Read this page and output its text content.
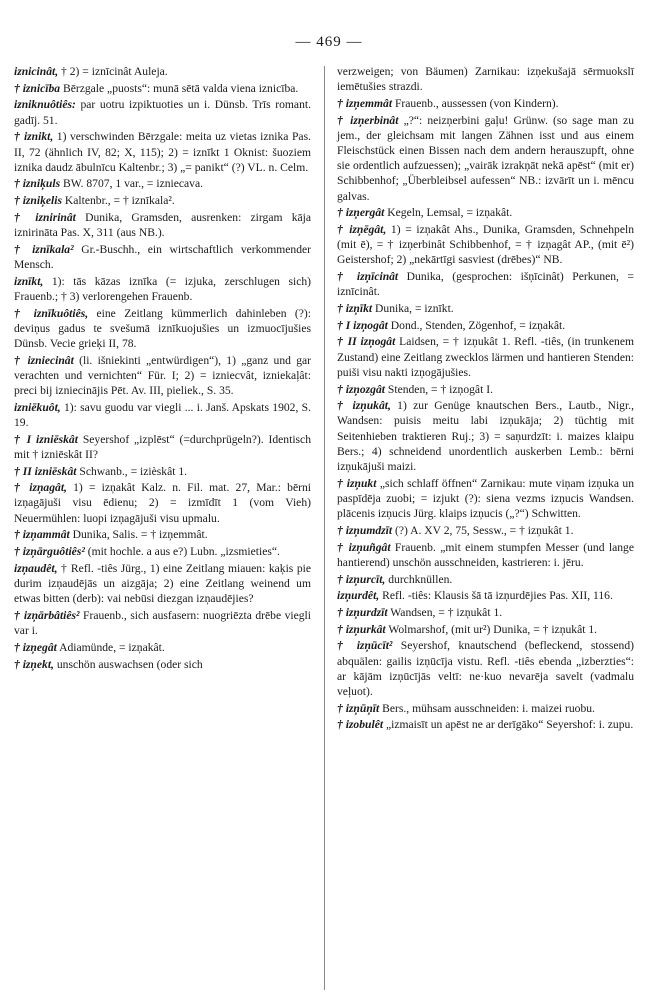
— 469 —

iznicinât, † 2) = iznīcinât Auleja.

† iznicība Bērzgale „puosts“: munā sētā valda viena iznicība.

izniknuôtiês: par uotru izpiktuoties un i. Dünsb. Trīs romant. gadīj. 51.

† iznikt, 1) verschwinden Bērzgale: meita uz vietas iznika Pas. II, 72 (ähnlich IV, 82; X, 115); 2) = iznīkt 1 Oknist: šuoziem iznika daudz ābulnīcu Kaltenbr.; 3) „= panikt“ (?) VL. n. Celm.

† izniķuls BW. 8707, 1 var., = izniecava.

† izniķelis Kaltenbr., = † iznīkala².

† iznirinât Dunika, Gramsden, ausrenken: zirgam kāja iznirināta Pas. X, 311 (aus NB.).

† iznīkala² Gr.-Buschh., ein wirtschaftlich verkommender Mensch.

iznīkt, 1): tās kāzas iznīka (= izjuka, zerschlugen sich) Frauenb.; † 3) verlorengehen Frauenb.

† iznīkuôtiês, eine Zeitlang kümmerlich dahinleben (?): deviņus gadus te svešumā iznīkuojušies un izmuocījušies Dünsb. Vecie grieķi II, 78.

† izniecinât (li. išniekinti „entwürdigen“), 1) „ganz und gar verachten und vernichten“ Für. I; 2) = izniecvât, izniekaļât: preci bij izniecinājis Pēt. Av. III, pieliek., S. 35.

izniēkuôt, 1): savu guodu var viegli ... i. Janš. Apskats 1902, S. 19.

† I izniēskât Seyershof „izplēst“ (=durchprügeln?). Identisch mit † izniēskât II?

† II izniēskât Schwanb., = izièskât 1.

† izņagât, 1) = izņakât Kalz. n. Fil. mat. 27, Mar.: bērni izņagājuši visu ēdienu; 2) = izmīdīt 1 (vom Vieh) Neuermühlen: luopi izņagājuši visu upmalu.

† izņammât Dunika, Salis. = † izņemmât.

† izņārguôtiês² (mit hochle. a aus e?) Lubn. „izsmieties“.

izņaudêt, † Refl. -tiês Jürg., 1) eine Zeitlang miauen: kaķis pie durim izņaudējās un aizgāja; 2) eine Zeitlang weinend um etwas bitten (derb): vai nebūsi diezgan izņaudējies?

† izņārbâtiês² Frauenb., sich ausfasern: nuogriēzta drēbe viegli var i.

† izņegât Adiamünde, = izņakât.

† izņekt, unschön auswachsen (oder sich

verzweigen; von Bäumen) Zarnikau: izņekušajā sērmuokslī iemētušies strazdi.

† izņemmât Frauenb., aussessen (von Kindern).

† izņerbinât „?“: neizņerbini gaļu! Grünw. (so sage man zu jem., der gleichsam mit langen Zähnen isst und aus einem Fleischstück einen Bissen nach dem andern herauszupft, ohne sie ordentlich aufzuessen); „vairāk izrakņāt nekā apēst“ (mit er) Schibbenhof; „Überbleibsel aufessen“ NB.: izvārīt un i. mēncu galvas.

† izņergât Kegeln, Lemsal, = izņakât.

† izņēgât, 1) = izņakât Ahs., Dunika, Gramsden, Schnehpeln (mit ē), = † izņerbinât Schibbenhof, = † izņagât AP., (mit ē²) Geistershof; 2) „nekārtīgi sasviest (drēbes)“ NB.

† izņīcinât Dunika, (gesprochen: išņīcinât) Perkunen, = iznīcinât.

† izņīkt Dunika, = iznīkt.

† I izņogât Dond., Stenden, Zögenhof, = izņakât.

† II izņogât Laidsen, = † izņukât 1. Refl. -tiês, (in trunkenem Zustand) eine Zeitlang zwecklos lärmen und hantieren Stenden: puiši visu nakti izņogājušies.

† izņozgât Stenden, = † izņogât I.

† izņukât, 1) zur Genüge knautschen Bers., Lautb., Nigr., Wandsen: puisis meitu labi izņukāja; 2) tüchtig mit Seitenhieben traktieren Ruj.; 3) = saņurdzīt: i. maizes klaipu Bers.; 4) schneidend unordentlich auskerben Lemb.: bērni izņukājuši maizi.

† izņukt „sich schlaff öffnen“ Zarnikau: mute viņam izņuka un paspīdēja zuobi; = izjukt (?): siena vezms izņucis Wandsen. plācenis izņucis Jürg. klaips izņucis („?“) Schwitten.

† izņumdzīt (?) A. XV 2, 75, Sessw., = † izņukât 1.

† izņuñgât Frauenb. „mit einem stumpfen Messer (und lange hantierend) unschön ausschneiden, kastrieren: i. jēru.

† izņurcīt, durchknüllen.

izņurdêt, Refl. -tiês: Klausis šā tā izņurdējies Pas. XII, 116.

† izņurdzīt Wandsen, = † izņukât 1.

† izņurkât Wolmarshof, (mit ur²) Dunika, = † izņukât 1.

† izņūcīt² Seyershof, knautschend (befleckend, stossend) abquälen: gailis izņūcīja vistu. Refl. -tiês ebenda „izberzties“: ar kājām izņūcījās veltī: ne·kuo nevarēja savelt (vadmalu veļuot).

† izņūņīt Bers., mühsam ausschneiden: i. maizei ruobu.

† izobulêt „izmaisīt un apēst ne ar derīgāko“ Seyershof: i. zupu.
